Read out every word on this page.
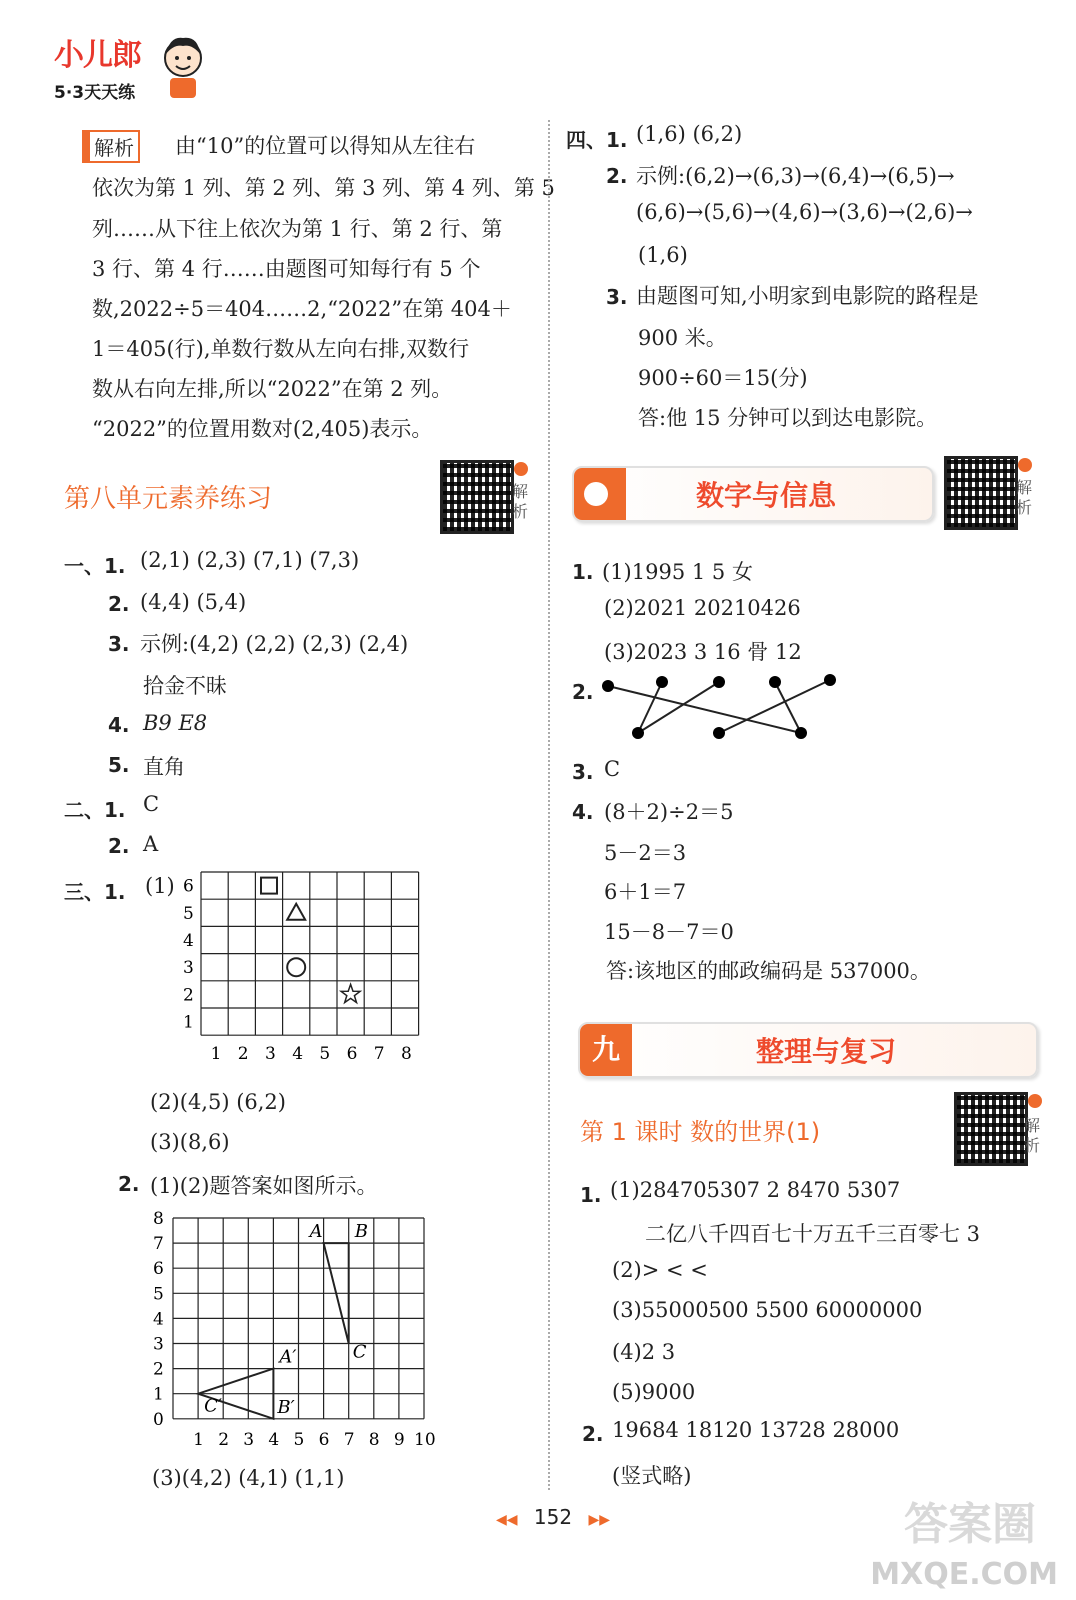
小儿郎
5·3天天练
解析 由“10”的位置可以得知从左往右
依次为第 1 列、第 2 列、第 3 列、第 4 列、第 5
列……从下往上依次为第 1 行、第 2 行、第
3 行、第 4 行……由题图可知每行有 5 个
数,2022÷5＝404……2,“2022”在第 404＋
1＝405(行),单数行数从左向右排,双数行
数从右向左排,所以“2022”在第 2 列。
“2022”的位置用数对(2,405)表示。
第八单元素养练习	解析
一、1. (2,1) (2,3) (7,1) (7,3)
2. (4,4) (5,4)
3. 示例:(4,2) (2,2) (2,3) (2,4)
拾金不昧
4. B9 E8
5. 直角
二、1. C
2. A
三、1. (1) 6
5
4
3
2
1
1 2 3 4 5 6 7 8
(2)(4,5) (6,2)
(3)(8,6)
2. (1)(2)题答案如图所示。
8
7
6
5
4
3
2
1
0
1 2 3 4 5 6 7 8 9 10
A B
C
A′
B′
C′
(3)(4,2) (4,1) (1,1)
四、1. (1,6) (6,2)
2. 示例:(6,2)→(6,3)→(6,4)→(6,5)→
(6,6)→(5,6)→(4,6)→(3,6)→(2,6)→
(1,6)
3. 由题图可知,小明家到电影院的路程是
900 米。
900÷60＝15(分)
答:他 15 分钟可以到达电影院。
数字与信息	解析
1. (1)1995 1 5 女
(2)2021 20210426
(3)2023 3 16 骨 12
2.
3. C
4. (8＋2)÷2＝5
5－2＝3
6＋1＝7
15－8－7＝0
答:该地区的邮政编码是 537000。
九	整理与复习
第 1 课时 数的世界(1)	解析
1. (1)284705307 2 8470 5307
二亿八千四百七十万五千三百零七 3
(2)> < <
(3)55000500 5500 60000000
(4)2 3
(5)9000
2. 19684 18120 13728 28000
(竖式略)
◀◀ 152 ▶▶	答案圈
MXQE.COM
